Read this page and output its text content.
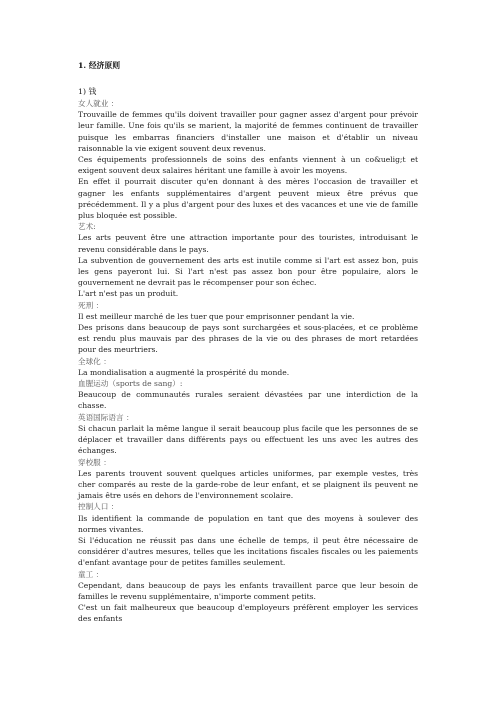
1. 经济原则
1) 钱
女人就业 ：
Trouvaille de femmes qu'ils doivent travailler pour gagner assez d'argent pour prévoir leur famille. Une fois qu'ils se marient, la majorité de femmes continuent de travailler puisque les embarras financiers d'installer une maison et d'établir un niveau raisonnable la vie exigent souvent deux revenus.
Ces équipements professionnels de soins des enfants viennent à un co&uelig;t et exigent souvent deux salaires héritant une famille à avoir les moyens.
En effet il pourrait discuter qu'en donnant à des mères l'occasion de travailler et gagner les enfants supplémentaires d'argent peuvent mieux être prévus que précédemment. Il y a plus d'argent pour des luxes et des vacances et une vie de famille plus bloquée est possible.
艺术:
Les arts peuvent être une attraction importante pour des touristes, introduisant le revenu considérable dans le pays.
La subvention de gouvernement des arts est inutile comme si l'art est assez bon, puis les gens payeront lui. Si l'art n'est pas assez bon pour être populaire, alors le gouvernement ne devrait pas le récompenser pour son échec.
L'art n'est pas un produit.
死刑 ：
Il est meilleur marché de les tuer que pour emprisonner pendant la vie.
Des prisons dans beaucoup de pays sont surchargées et sous-placées, et ce problème est rendu plus mauvais par des phrases de la vie ou des phrases de mort retardées pour des meurtriers.
全球化 ：
La mondialisation a augmenté la prospérité du monde.
血腥运动（sports de sang）:
Beaucoup de communautés rurales seraient dévastées par une interdiction de la chasse.
英语国际语言 ：
Si chacun parlait la même langue il serait beaucoup plus facile que les personnes de se déplacer et travailler dans différents pays ou effectuent les uns avec les autres des échanges.
穿校服 ：
Les parents trouvent souvent quelques articles uniformes, par exemple vestes, très cher comparés au reste de la garde-robe de leur enfant, et se plaignent ils peuvent ne jamais être usés en dehors de l'environnement scolaire.
控制人口 ：
Ils identifient la commande de population en tant que des moyens à soulever des normes vivantes.
Si l'éducation ne réussit pas dans une échelle de temps, il peut être nécessaire de considérer d'autres mesures, telles que les incitations fiscales fiscales ou les paiements d'enfant avantage pour de petites familles seulement.
童工 ：
Cependant, dans beaucoup de pays les enfants travaillent parce que leur besoin de familles le revenu supplémentaire, n'importe comment petits.
C'est un fait malheureux que beaucoup d'employeurs préfèrent employer les services des enfants
